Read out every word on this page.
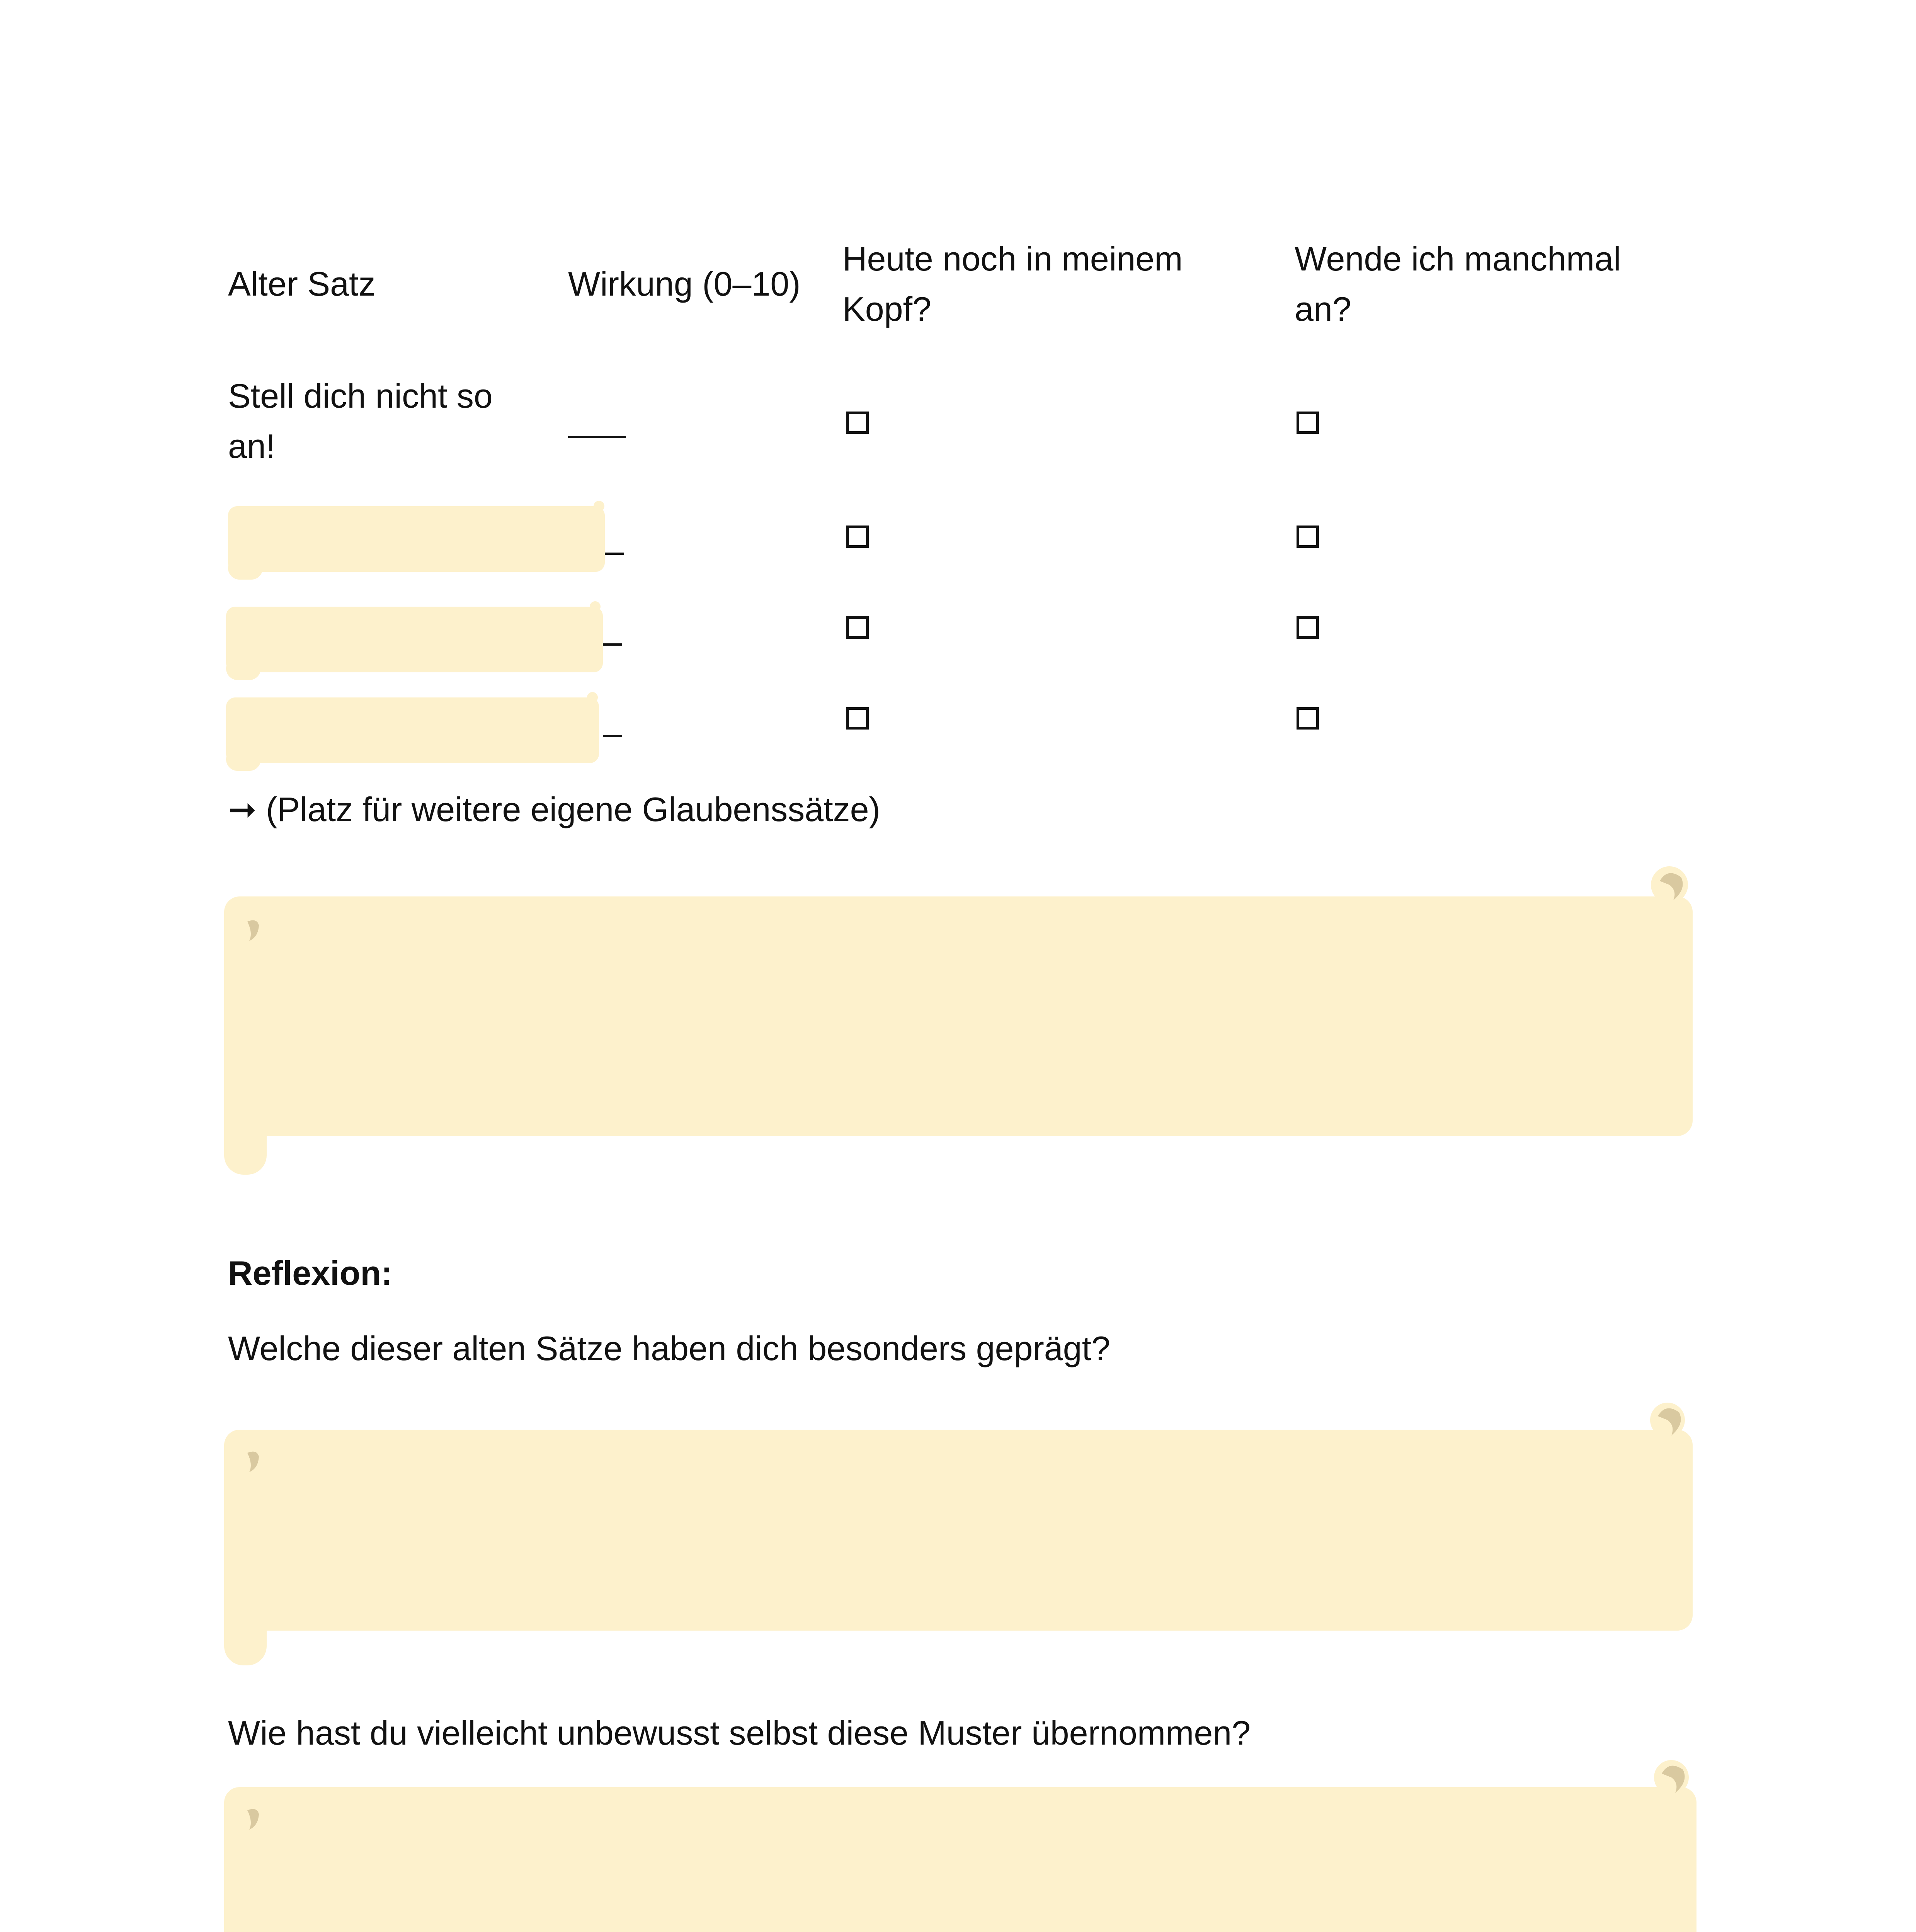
Alter Satz	Wirkung (0–10)
Heute noch in meinem Kopf?
Wende ich manchmal an?
Stell dich nicht so an!
➞ (Platz für weitere eigene Glaubenssätze)
Reflexion:
Welche dieser alten Sätze haben dich besonders geprägt?
Wie hast du vielleicht unbewusst selbst diese Muster übernommen?
